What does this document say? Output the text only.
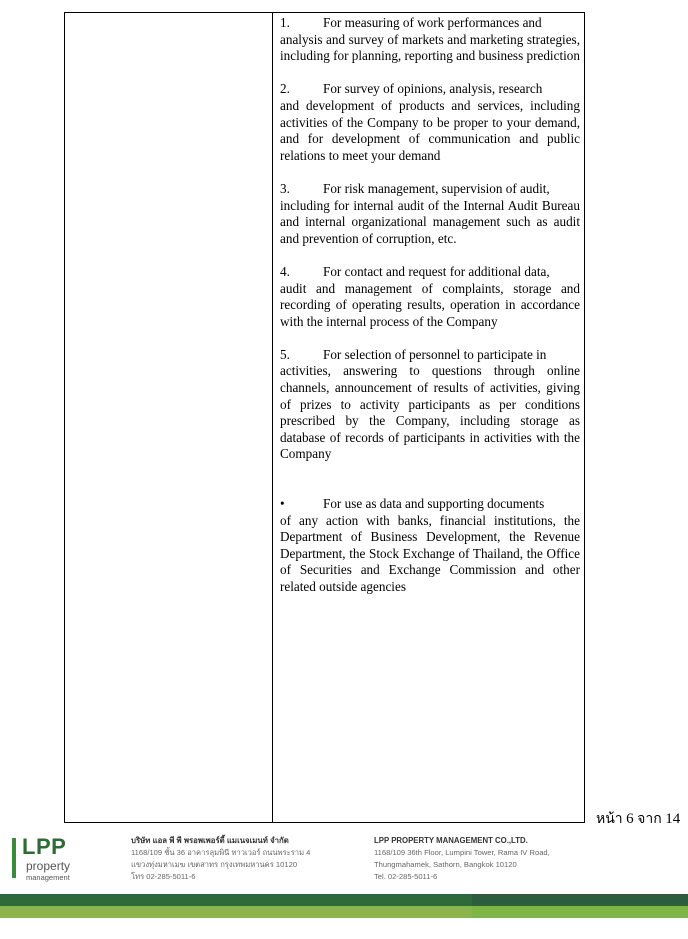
1.	For measuring of work performances and

analysis and survey of markets and marketing strategies, including for planning, reporting and business prediction

2.	For survey of opinions, analysis, research

and development of products and services, including activities of the Company to be proper to your demand, and for development of communication and public relations to meet your demand

3.	For risk management, supervision of audit,

including for internal audit of the Internal Audit Bureau and internal organizational management such as audit and prevention of corruption, etc.

4.	For contact and request for additional data,

audit and management of complaints, storage and recording of operating results, operation in accordance with the internal process of the Company

5.	For selection of personnel to participate in

activities, answering to questions through online channels, announcement of results of activities, giving of prizes to activity participants as per conditions prescribed by the Company, including storage as database of records of participants in activities with the Company

•	For use as data and supporting documents

of any action with banks, financial institutions, the Department of Business Development, the Revenue Department, the Stock Exchange of Thailand, the Office of Securities and Exchange Commission and other related outside agencies

หน้า 6 จาก 14
LPP
property
management
บริษัท แอล พี พี พรอพเพอร์ตี้ แมเนจเมนท์ จำกัด
1168/109 ชั้น 36 อาคารลุมพินี ทาวเวอร์ ถนนพระราม 4
แขวงทุ่งมหาเมฆ เขตสาทร กรุงเทพมหานคร 10120
โทร 02-285-5011-6
LPP PROPERTY MANAGEMENT CO.,LTD.
1168/109 36th Floor, Lumpini Tower, Rama IV Road,
Thungmahamek, Sathorn, Bangkok 10120
Tel. 02-285-5011-6
